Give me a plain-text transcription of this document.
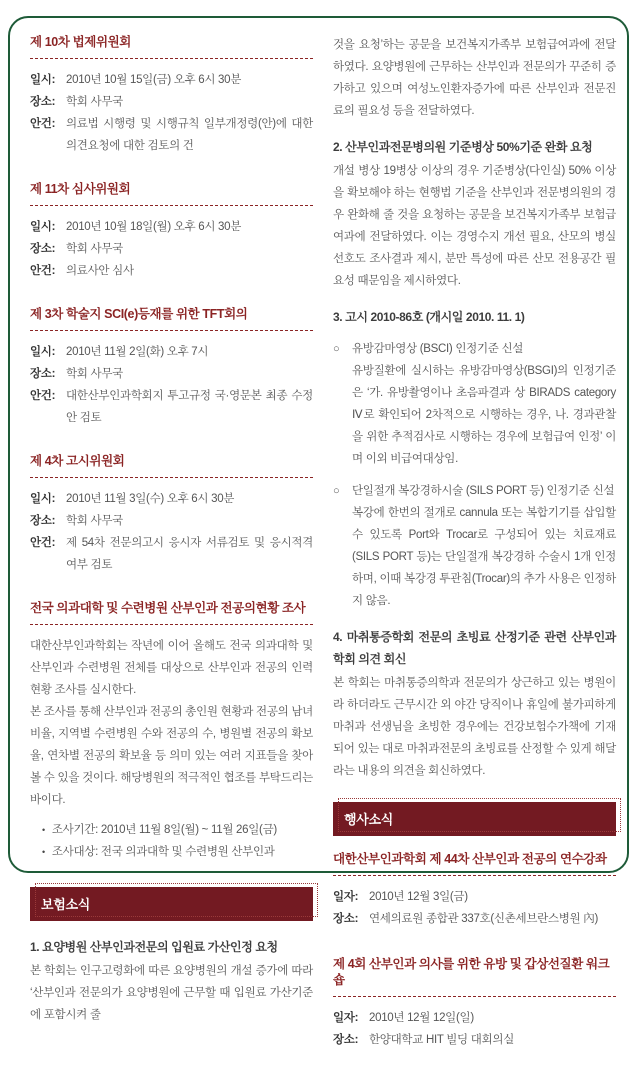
제 10차 법제위원회
일시: 2010년 10월 15일(금) 오후 6시 30분
장소: 학회 사무국
안건: 의료법 시행령 및 시행규칙 일부개정령(안)에 대한 의견요청에 대한 검토의 건
제 11차 심사위원회
일시: 2010년 10월 18일(월) 오후 6시 30분
장소: 학회 사무국
안건: 의료사안 심사
제 3차 학술지 SCI(e)등재를 위한 TFT회의
일시: 2010년 11월 2일(화) 오후 7시
장소: 학회 사무국
안건: 대한산부인과학회지 투고규정 국·영문본 최종 수정안 검토
제 4차 고시위원회
일시: 2010년 11월 3일(수) 오후 6시 30분
장소: 학회 사무국
안건: 제 54차 전문의고시 응시자 서류검토 및 응시적격 여부 검토
전국 의과대학 및 수련병원 산부인과 전공의현황 조사

대한산부인과학회는 작년에 이어 올해도 전국 의과대학 및 산부인과 수련병원 전체를 대상으로 산부인과 전공의 인력현황 조사를 실시한다.

본 조사를 통해 산부인과 전공의 총인원 현황과 전공의 남녀비율, 지역별 수련병원 수와 전공의 수, 병원별 전공의 확보율, 연차별 전공의 확보율 등 의미 있는 여러 지표들을 찾아 볼 수 있을 것이다. 해당병원의 적극적인 협조를 부탁드리는 바이다.

• 조사기간: 2010년 11월 8일(월) ~ 11월 26일(금)
• 조사대상: 전국 의과대학 및 수련병원 산부인과
보험소식
1. 요양병원 산부인과전문의 입원료 가산인정 요청

본 학회는 인구고령화에 따른 요양병원의 개설 증가에 따라 ‘산부인과 전문의가 요양병원에 근무할 때 입원료 가산기준에 포함시켜 줄

것을 요청’하는 공문을 보건복지가족부 보험급여과에 전달하였다. 요양병원에 근무하는 산부인과 전문의가 꾸준히 증가하고 있으며 여성노인환자증가에 따른 산부인과 전문진료의 필요성 등을 전달하였다.

2. 산부인과전문병의원 기준병상 50%기준 완화 요청

개설 병상 19병상 이상의 경우 기준병상(다인실) 50% 이상을 확보해야 하는 현행법 기준을 산부인과 전문병의원의 경우 완화해 줄 것을 요청하는 공문을 보건복지가족부 보험급여과에 전달하였다. 이는 경영수지 개선 필요, 산모의 병실선호도 조사결과 제시, 분만 특성에 따른 산모 전용공간 필요성 때문임을 제시하였다.

3. 고시 2010-86호 (개시일 2010. 11. 1)
○	유방감마영상 (BSCI) 인정기준 신설

유방질환에 실시하는 유방감마영상(BSGI)의 인정기준은 ‘가. 유방촬영이나 초음파결과 상 BIRADS category Ⅳ로 확인되어 2차적으로 시행하는 경우, 나. 경과관찰을 위한 추적검사로 시행하는 경우에 보험급여 인정’ 이며 이외 비급여대상임.

○	단일절개 복강경하시술 (SILS PORT 등) 인정기준 신설

복강에 한번의 절개로 cannula 또는 복합기기를 삽입할 수 있도록 Port와 Trocar로 구성되어 있는 치료재료(SILS PORT 등)는 단일절개 복강경하 수술시 1개 인정하며, 이때 복강경 투관침(Trocar)의 추가 사용은 인정하지 않음.

4. 마취통증학회 전문의 초빙료 산정기준 관련 산부인과학회 의견 회신

본 학회는 마취통증의학과 전문의가 상근하고 있는 병원이라 하더라도 근무시간 외 야간 당직이나 휴일에 불가피하게 마취과 선생님을 초빙한 경우에는 건강보험수가책에 기재되어 있는 대로 마취과전문의 초빙료를 산정할 수 있게 해달라는 내용의 의견을 회신하였다.

행사소식
대한산부인과학회 제 44차 산부인과 전공의 연수강좌
일자: 2010년 12월 3일(금)
장소: 연세의료원 종합관 337호(신촌세브란스병원 內)
제 4회 산부인과 의사를 위한 유방 및 갑상선질환 워크숍
일자: 2010년 12월 12일(일)
장소: 한양대학교 HIT 빌딩 대회의실
